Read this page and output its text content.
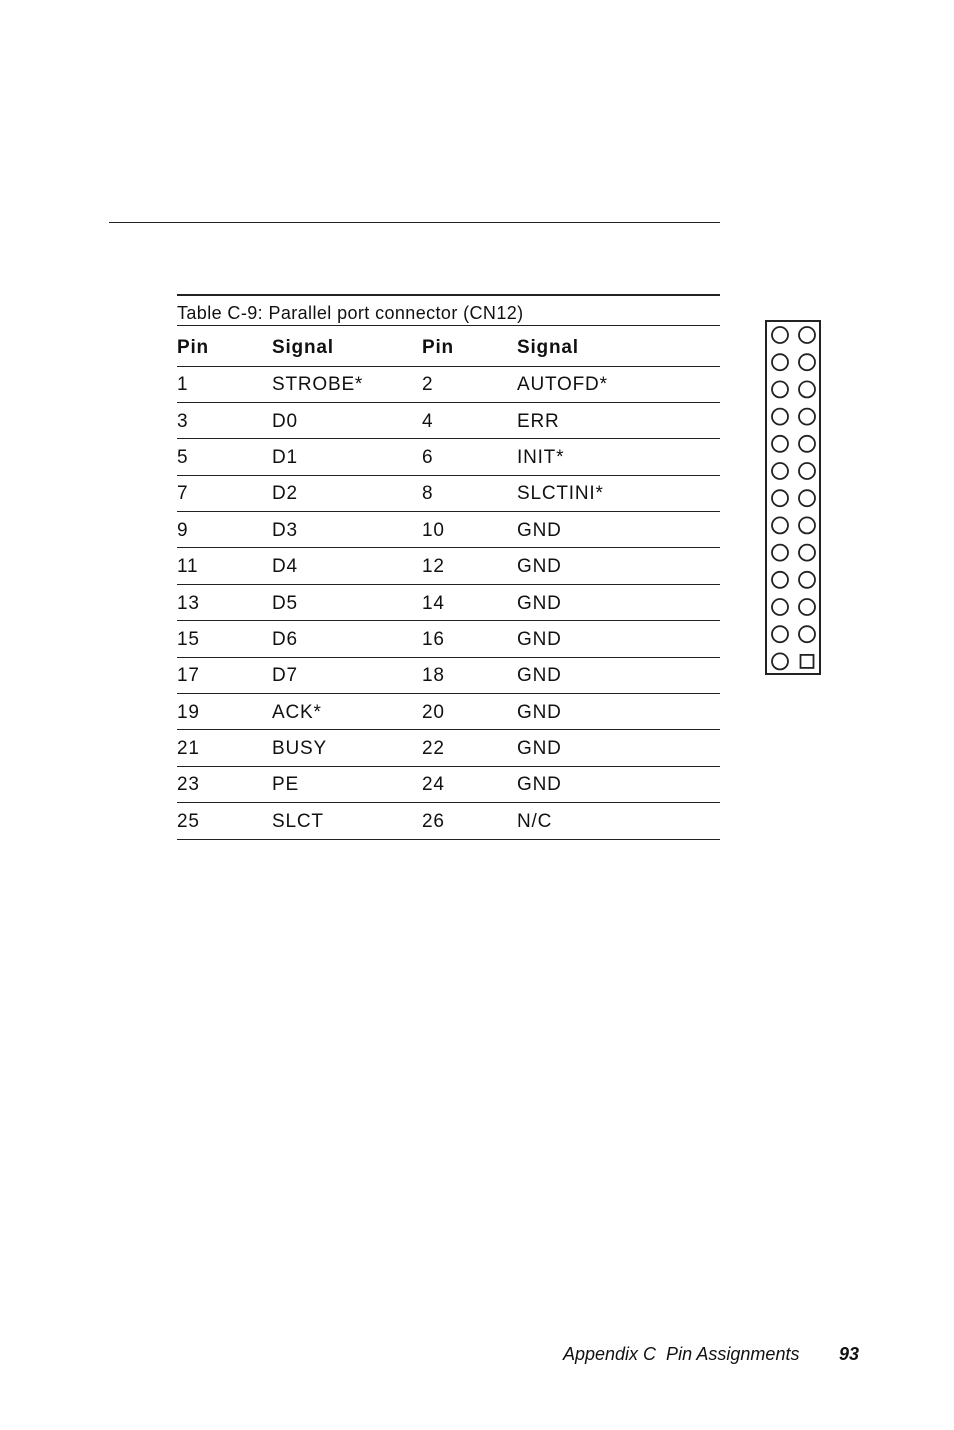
Table C-9: Parallel port connector (CN12)
Pin	Signal	Pin	Signal
1	STROBE*	2	AUTOFD*
3	D0	4	ERR
5	D1	6	INIT*
7	D2	8	SLCTINI*
9	D3	10	GND
11	D4	12	GND
13	D5	14	GND
15	D6	16	GND
17	D7	18	GND
19	ACK*	20	GND
21	BUSY	22	GND
23	PE	24	GND
25	SLCT	26	N/C
Appendix C  Pin Assignments 93
